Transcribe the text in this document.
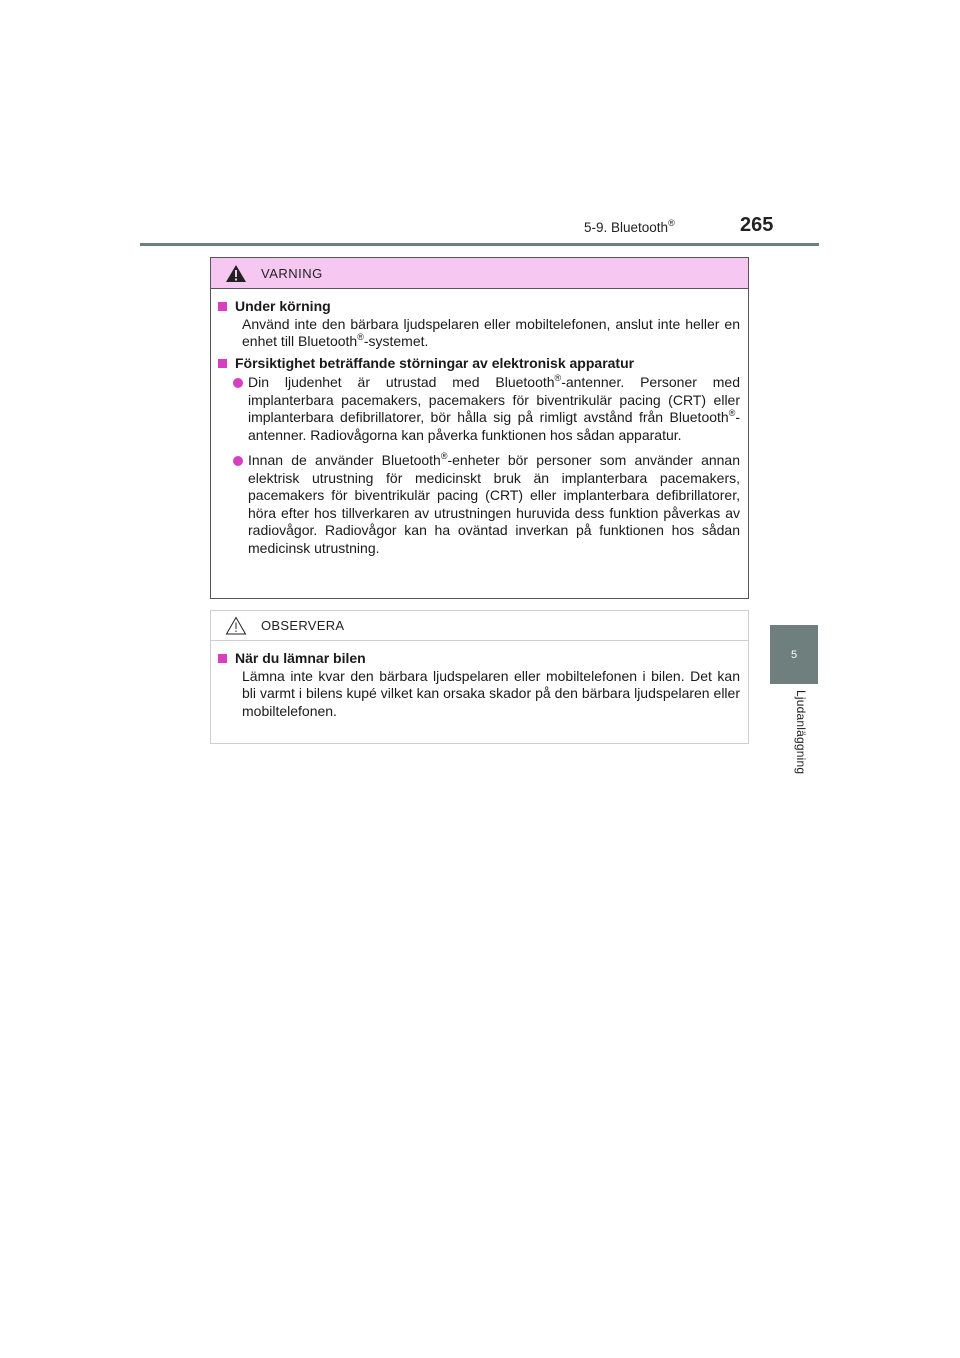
5-9. Bluetooth®	265
5
Ljudanläggning
VARNING
Under körning
Använd inte den bärbara ljudspelaren eller mobiltelefonen, anslut inte heller en enhet till Bluetooth®-systemet.
Försiktighet beträffande störningar av elektronisk apparatur
Din ljudenhet är utrustad med Bluetooth®-antenner. Personer med implanterbara pacemakers, pacemakers för biventrikulär pacing (CRT) eller implanterbara defibrillatorer, bör hålla sig på rimligt avstånd från Bluetooth®-antenner. Radiovågorna kan påverka funktionen hos sådan apparatur.
Innan de använder Bluetooth®-enheter bör personer som använder annan elektrisk utrustning för medicinskt bruk än implanterbara pacemakers, pacemakers för biventrikulär pacing (CRT) eller implanterbara defibrillatorer, höra efter hos tillverkaren av utrustningen huruvida dess funktion påverkas av radiovågor. Radiovågor kan ha oväntad inverkan på funktionen hos sådan medicinsk utrustning.
OBSERVERA
När du lämnar bilen
Lämna inte kvar den bärbara ljudspelaren eller mobiltelefonen i bilen. Det kan bli varmt i bilens kupé vilket kan orsaka skador på den bärbara ljudspelaren eller mobiltelefonen.
